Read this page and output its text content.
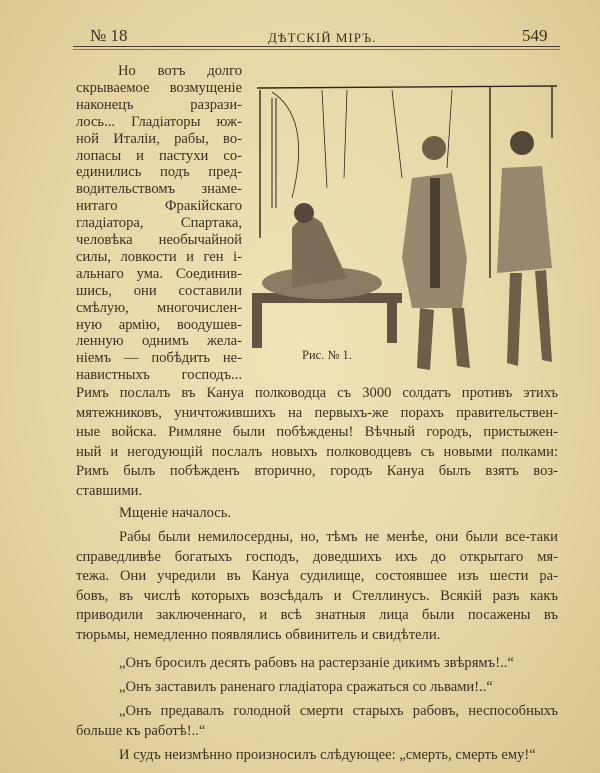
№ 18	ДѢТСКІЙ МІРЪ.	549
Но вотъ долго
скрываемое возмущеніе
наконецъ разрази-
лось... Гладіаторы юж-
ной Италіи, рабы, во-
лопасы и пастухи со-
единились подъ пред-
водительствомъ знаме-
нитаго Фракійскаго
гладіатора, Спартака,
человѣка необычайной
силы, ловкости и ген і-
альнаго ума. Соединив-
шись, они составили
смѣлую, многочислен-
ную армію, воодушев-
ленную однимъ жела-
ніемъ — побѣдить не-
навистныхъ господъ...
Рис. № 1.
Римъ послалъ въ Кануа полководца съ 3000 солдатъ противъ этихъ
мятежниковъ, уничтожившихъ на первыхъ-же порахъ правительствен-
ные войска. Римляне были побѣждены! Вѣчный городъ, пристыжен-
ный и негодующій послалъ новыхъ полководцевъ съ новыми полками:
Римъ былъ побѣжденъ вторично, городъ Кануа былъ взятъ воз-
ставшими.
Мщеніе началось.
Рабы были немилосердны, но, тѣмъ не менѣе, они были все-таки
справедливѣе богатыхъ господъ, доведшихъ ихъ до открытаго мя-
тежа. Они учредили въ Кануа судилище, состоявшее изъ шести ра-
бовъ, въ числѣ которыхъ возсѣдалъ и Стеллинусъ. Всякій разъ какъ
приводили заключеннаго, и всѣ знатныя лица были посажены въ
тюрьмы, немедленно появлялись обвинитель и свидѣтели.
„Онъ бросилъ десять рабовъ на растерзаніе дикимъ звѣрямъ!..“
„Онъ заставилъ раненаго гладіатора сражаться со львами!..“
„Онъ предавалъ голодной смерти старыхъ рабовъ, неспособныхъ
больше къ работѣ!..“
И судъ неизмѣнно произносилъ слѣдующее: „смерть, смерть ему!“
